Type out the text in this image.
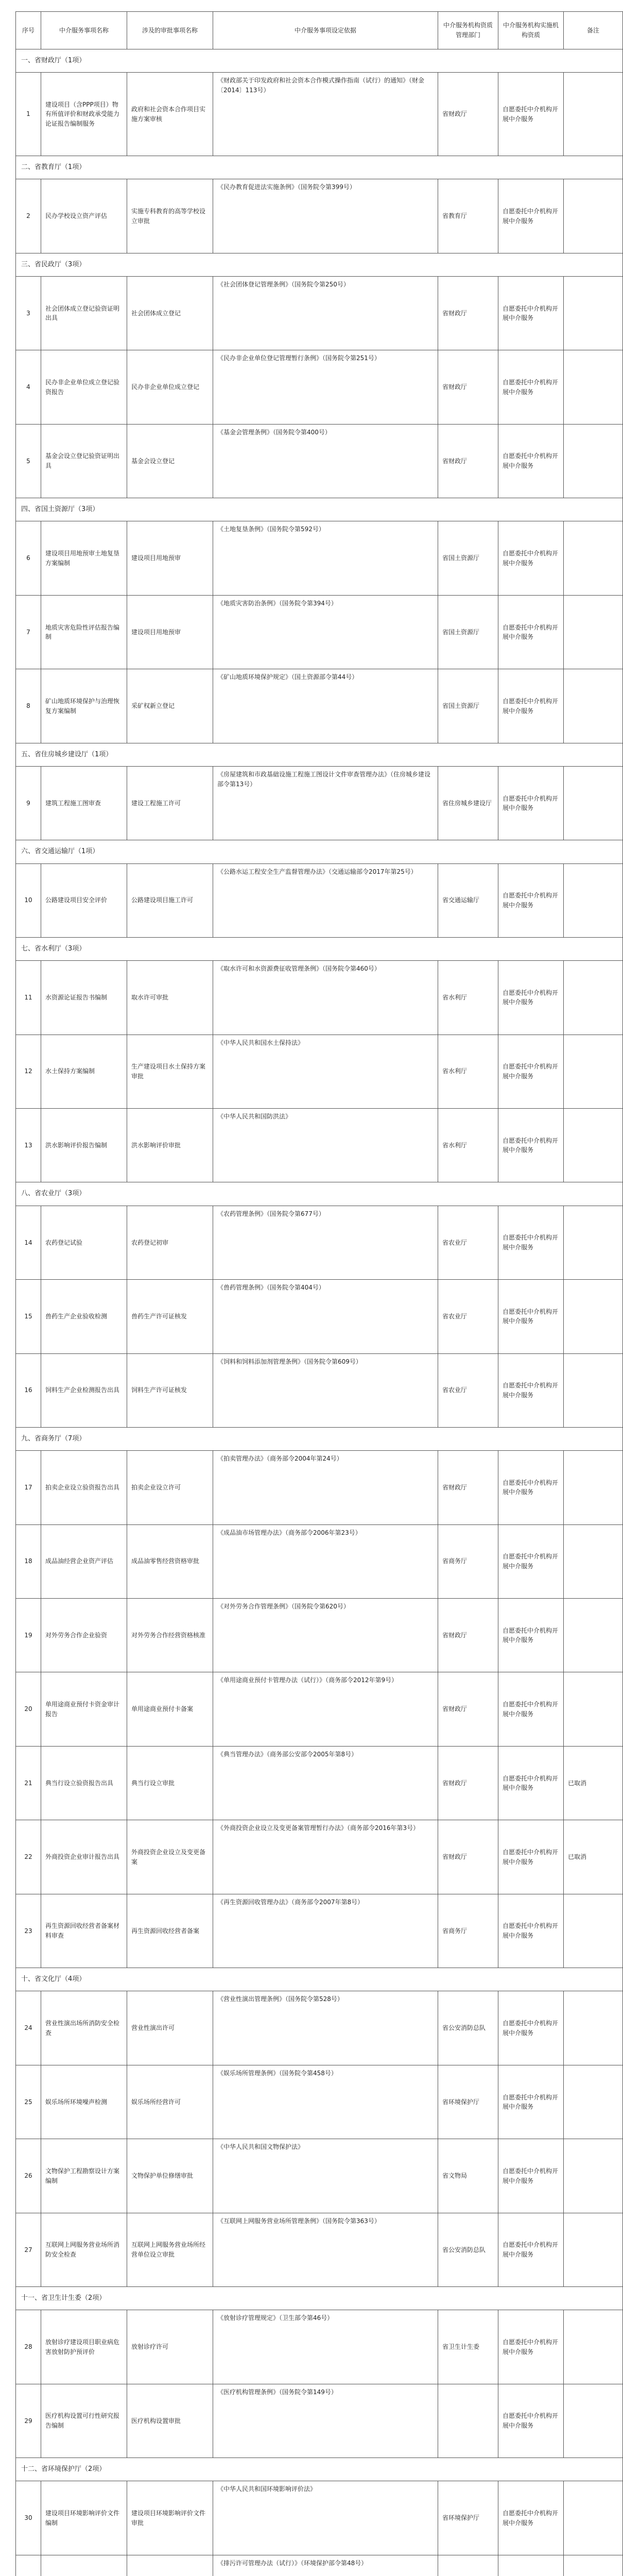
序号	中介服务事项名称	涉及的审批事项名称	中介服务事项设定依据	中介服务机构资质管理部门	中介服务机构实施机构资质	备注
一、省财政厅（1项）						
1	建设项目（含PPP项目）物有所值评价和财政承受能力论证报告编制服务	政府和社会资本合作项目实施方案审核	《财政部关于印发政府和社会资本合作模式操作指南（试行）的通知》（财金〔2014〕113号）	省财政厅	自愿委托中介机构开展中介服务	
二、省教育厅（1项）						
2	民办学校设立资产评估	实施专科教育的高等学校设立审批	《民办教育促进法实施条例》（国务院令第399号）	省教育厅	自愿委托中介机构开展中介服务	
三、省民政厅（3项）						
3	社会团体成立登记验资证明出具	社会团体成立登记	《社会团体登记管理条例》（国务院令第250号）	省财政厅	自愿委托中介机构开展中介服务	
4	民办非企业单位成立登记验资报告	民办非企业单位成立登记	《民办非企业单位登记管理暂行条例》（国务院令第251号）	省财政厅	自愿委托中介机构开展中介服务	
5	基金会设立登记验资证明出具	基金会设立登记	《基金会管理条例》（国务院令第400号）	省财政厅	自愿委托中介机构开展中介服务	
四、省国土资源厅（3项）						
6	建设项目用地预审土地复垦方案编制	建设项目用地预审	《土地复垦条例》（国务院令第592号）	省国土资源厅	自愿委托中介机构开展中介服务	
7	地质灾害危险性评估报告编制	建设项目用地预审	《地质灾害防治条例》（国务院令第394号）	省国土资源厅	自愿委托中介机构开展中介服务	
8	矿山地质环境保护与治理恢复方案编制	采矿权新立登记	《矿山地质环境保护规定》（国土资源部令第44号）	省国土资源厅	自愿委托中介机构开展中介服务	
五、省住房城乡建设厅（1项）						
9	建筑工程施工图审查	建设工程施工许可	《房屋建筑和市政基础设施工程施工图设计文件审查管理办法》（住房城乡建设部令第13号）	省住房城乡建设厅	自愿委托中介机构开展中介服务	
六、省交通运输厅（1项）						
10	公路建设项目安全评价	公路建设项目施工许可	《公路水运工程安全生产监督管理办法》（交通运输部令2017年第25号）	省交通运输厅	自愿委托中介机构开展中介服务	
七、省水利厅（3项）						
11	水资源论证报告书编制	取水许可审批	《取水许可和水资源费征收管理条例》（国务院令第460号）	省水利厅	自愿委托中介机构开展中介服务	
12	水土保持方案编制	生产建设项目水土保持方案审批	《中华人民共和国水土保持法》	省水利厅	自愿委托中介机构开展中介服务	
13	洪水影响评价报告编制	洪水影响评价审批	《中华人民共和国防洪法》	省水利厅	自愿委托中介机构开展中介服务	
八、省农业厅（3项）						
14	农药登记试验	农药登记初审	《农药管理条例》（国务院令第677号）	省农业厅	自愿委托中介机构开展中介服务	
15	兽药生产企业验收检测	兽药生产许可证核发	《兽药管理条例》（国务院令第404号）	省农业厅	自愿委托中介机构开展中介服务	
16	饲料生产企业检测报告出具	饲料生产许可证核发	《饲料和饲料添加剂管理条例》（国务院令第609号）	省农业厅	自愿委托中介机构开展中介服务	
九、省商务厅（7项）						
17	拍卖企业设立验资报告出具	拍卖企业设立许可	《拍卖管理办法》（商务部令2004年第24号）	省财政厅	自愿委托中介机构开展中介服务	
18	成品油经营企业资产评估	成品油零售经营资格审批	《成品油市场管理办法》（商务部令2006年第23号）	省商务厅	自愿委托中介机构开展中介服务	
19	对外劳务合作企业验资	对外劳务合作经营资格核准	《对外劳务合作管理条例》（国务院令第620号）	省财政厅	自愿委托中介机构开展中介服务	
20	单用途商业预付卡资金审计报告	单用途商业预付卡备案	《单用途商业预付卡管理办法（试行）》（商务部令2012年第9号）	省财政厅	自愿委托中介机构开展中介服务	
21	典当行设立验资报告出具	典当行设立审批	《典当管理办法》（商务部公安部令2005年第8号）	省财政厅	自愿委托中介机构开展中介服务	已取消
22	外商投资企业审计报告出具	外商投资企业设立及变更备案	《外商投资企业设立及变更备案管理暂行办法》（商务部令2016年第3号）	省财政厅	自愿委托中介机构开展中介服务	已取消
23	再生资源回收经营者备案材料审查	再生资源回收经营者备案	《再生资源回收管理办法》（商务部令2007年第8号）	省商务厅	自愿委托中介机构开展中介服务	
十、省文化厅（4项）						
24	营业性演出场所消防安全检查	营业性演出许可	《营业性演出管理条例》（国务院令第528号）	省公安消防总队	自愿委托中介机构开展中介服务	
25	娱乐场所环境噪声检测	娱乐场所经营许可	《娱乐场所管理条例》（国务院令第458号）	省环境保护厅	自愿委托中介机构开展中介服务	
26	文物保护工程勘察设计方案编制	文物保护单位修缮审批	《中华人民共和国文物保护法》	省文物局	自愿委托中介机构开展中介服务	
27	互联网上网服务营业场所消防安全检查	互联网上网服务营业场所经营单位设立审批	《互联网上网服务营业场所管理条例》（国务院令第363号）	省公安消防总队	自愿委托中介机构开展中介服务	
十一、省卫生计生委（2项）						
28	放射诊疗建设项目职业病危害放射防护预评价	放射诊疗许可	《放射诊疗管理规定》（卫生部令第46号）	省卫生计生委	自愿委托中介机构开展中介服务	
29	医疗机构设置可行性研究报告编制	医疗机构设置审批	《医疗机构管理条例》（国务院令第149号）		自愿委托中介机构开展中介服务	
十二、省环境保护厅（2项）						
30	建设项目环境影响评价文件编制	建设项目环境影响评价文件审批	《中华人民共和国环境影响评价法》	省环境保护厅	自愿委托中介机构开展中介服务	
			《排污许可管理办法（试行）》（环境保护部令第48号）			
